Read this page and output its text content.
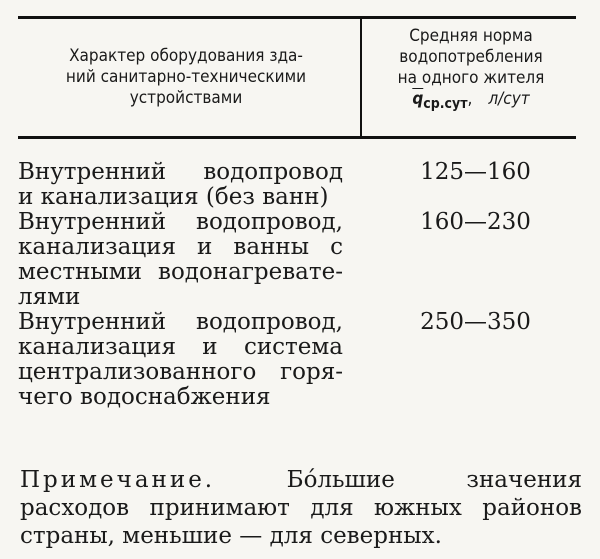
Характер оборудования зда-
ний санитарно-техническими
устройствами
Средняя норма
водопотребления
на одного жителя
$\overline{q}_{ср.сут}$, л/сут
Внутренний водопровод
и канализация (без ванн)
125—160
Внутренний водопровод,
канализация и ванны с
местными водонагревате-
лями
160—230
Внутренний водопровод,
канализация и система
централизованного горя-
чего водоснабжения
250—350
Примечание.	Бóльшие значения
расходов принимают для южных районов
страны, меньшие — для северных.
